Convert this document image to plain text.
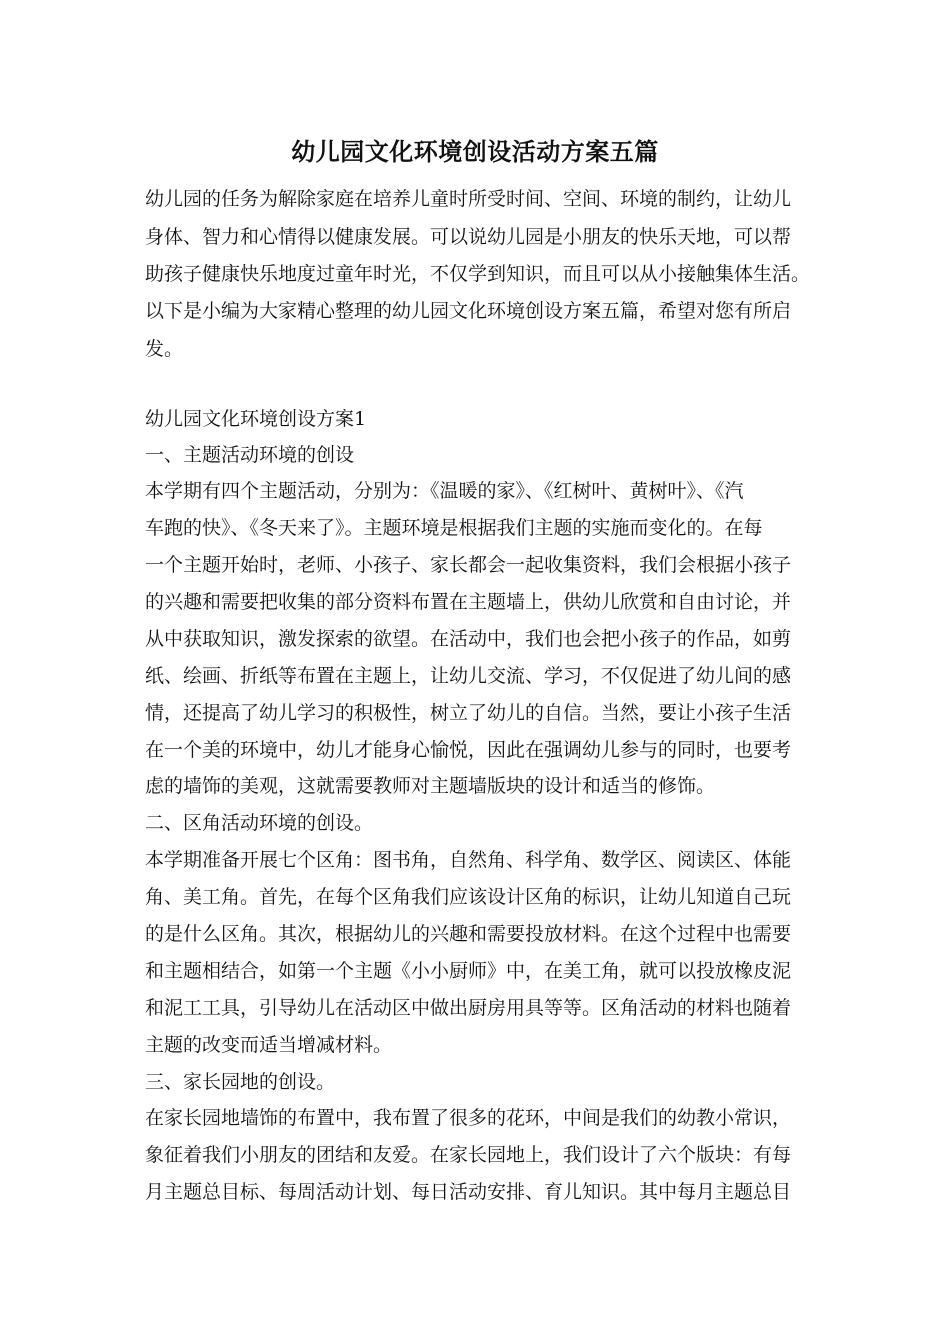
幼儿园文化环境创设活动方案五篇
幼儿园的任务为解除家庭在培养儿童时所受时间、空间、环境的制约，让幼儿
身体、智力和心情得以健康发展。可以说幼儿园是小朋友的快乐天地，可以帮
助孩子健康快乐地度过童年时光，不仅学到知识，而且可以从小接触集体生活。
以下是小编为大家精心整理的幼儿园文化环境创设方案五篇，希望对您有所启
发。
幼儿园文化环境创设方案1
一、主题活动环境的创设
本学期有四个主题活动，分别为：《温暖的家》、《红树叶、黄树叶》、《汽
车跑的快》、《冬天来了》。主题环境是根据我们主题的实施而变化的。在每
一个主题开始时，老师、小孩子、家长都会一起收集资料，我们会根据小孩子
的兴趣和需要把收集的部分资料布置在主题墙上，供幼儿欣赏和自由讨论，并
从中获取知识，激发探索的欲望。在活动中，我们也会把小孩子的作品，如剪
纸、绘画、折纸等布置在主题上，让幼儿交流、学习，不仅促进了幼儿间的感
情，还提高了幼儿学习的积极性，树立了幼儿的自信。当然，要让小孩子生活
在一个美的环境中，幼儿才能身心愉悦，因此在强调幼儿参与的同时，也要考
虑的墙饰的美观，这就需要教师对主题墙版块的设计和适当的修饰。
二、区角活动环境的创设。
本学期准备开展七个区角：图书角，自然角、科学角、数学区、阅读区、体能
角、美工角。首先，在每个区角我们应该设计区角的标识，让幼儿知道自己玩
的是什么区角。其次，根据幼儿的兴趣和需要投放材料。在这个过程中也需要
和主题相结合，如第一个主题《小小厨师》中，在美工角，就可以投放橡皮泥
和泥工工具，引导幼儿在活动区中做出厨房用具等等。区角活动的材料也随着
主题的改变而适当增减材料。
三、家长园地的创设。
在家长园地墙饰的布置中，我布置了很多的花环，中间是我们的幼教小常识，
象征着我们小朋友的团结和友爱。在家长园地上，我们设计了六个版块：有每
月主题总目标、每周活动计划、每日活动安排、育儿知识。其中每月主题总目
